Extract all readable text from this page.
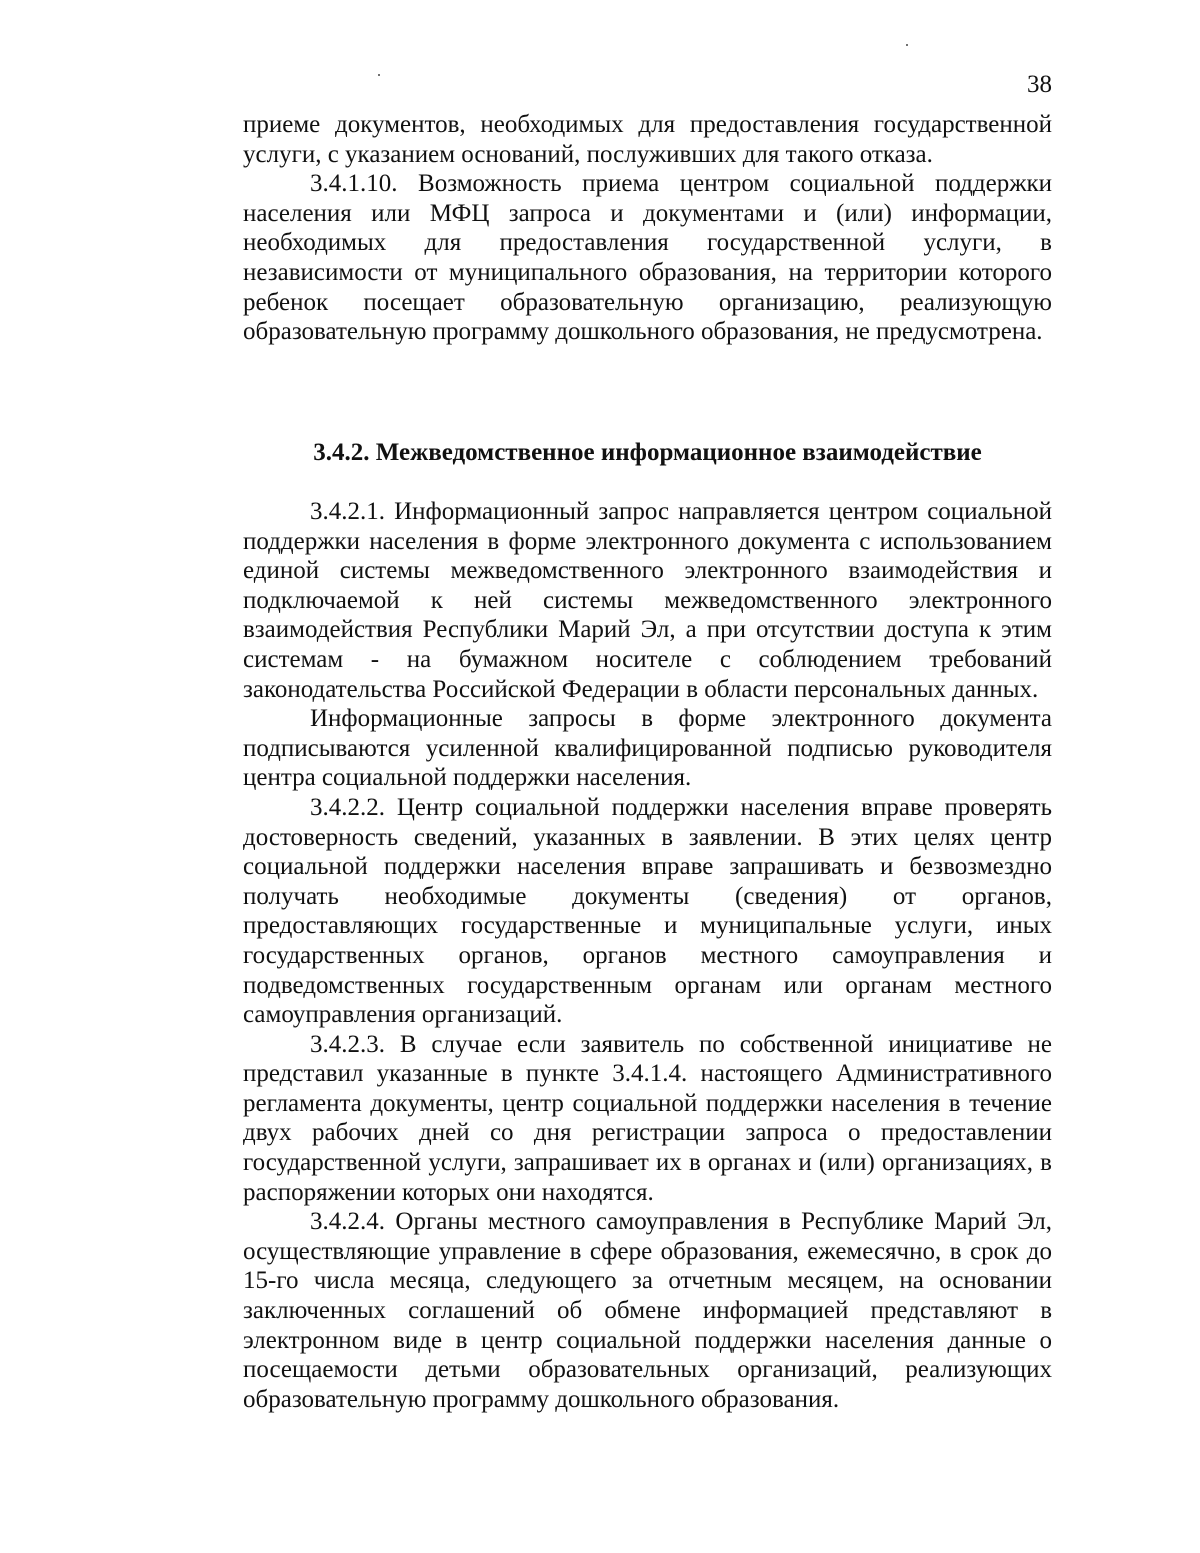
38

приеме документов, необходимых для предоставления государственной услуги, с указанием оснований, послуживших для такого отказа.

3.4.1.10. Возможность приема центром социальной поддержки населения или МФЦ запроса и документами и (или) информации, необходимых для предоставления государственной услуги, в независимости от муниципального образования, на территории которого ребенок посещает образовательную организацию, реализующую образовательную программу дошкольного образования, не предусмотрена.

3.4.2. Межведомственное информационное взаимодействие

3.4.2.1. Информационный запрос направляется центром социальной поддержки населения в форме электронного документа с использованием единой системы межведомственного электронного взаимодействия и подключаемой к ней системы межведомственного электронного взаимодействия Республики Марий Эл, а при отсутствии доступа к этим системам - на бумажном носителе с соблюдением требований законодательства Российской Федерации в области персональных данных.

Информационные запросы в форме электронного документа подписываются усиленной квалифицированной подписью руководителя центра социальной поддержки населения.

3.4.2.2. Центр социальной поддержки населения вправе проверять достоверность сведений, указанных в заявлении. В этих целях центр социальной поддержки населения вправе запрашивать и безвозмездно получать необходимые документы (сведения) от органов, предоставляющих государственные и муниципальные услуги, иных государственных органов, органов местного самоуправления и подведомственных государственным органам или органам местного самоуправления организаций.

3.4.2.3. В случае если заявитель по собственной инициативе не представил указанные в пункте 3.4.1.4. настоящего Административного регламента документы, центр социальной поддержки населения в течение двух рабочих дней со дня регистрации запроса о предоставлении государственной услуги, запрашивает их в органах и (или) организациях, в распоряжении которых они находятся.

3.4.2.4. Органы местного самоуправления в Республике Марий Эл, осуществляющие управление в сфере образования, ежемесячно, в срок до 15-го числа месяца, следующего за отчетным месяцем, на основании заключенных соглашений об обмене информацией представляют в электронном виде в центр социальной поддержки населения данные о посещаемости детьми образовательных организаций, реализующих образовательную программу дошкольного образования.
